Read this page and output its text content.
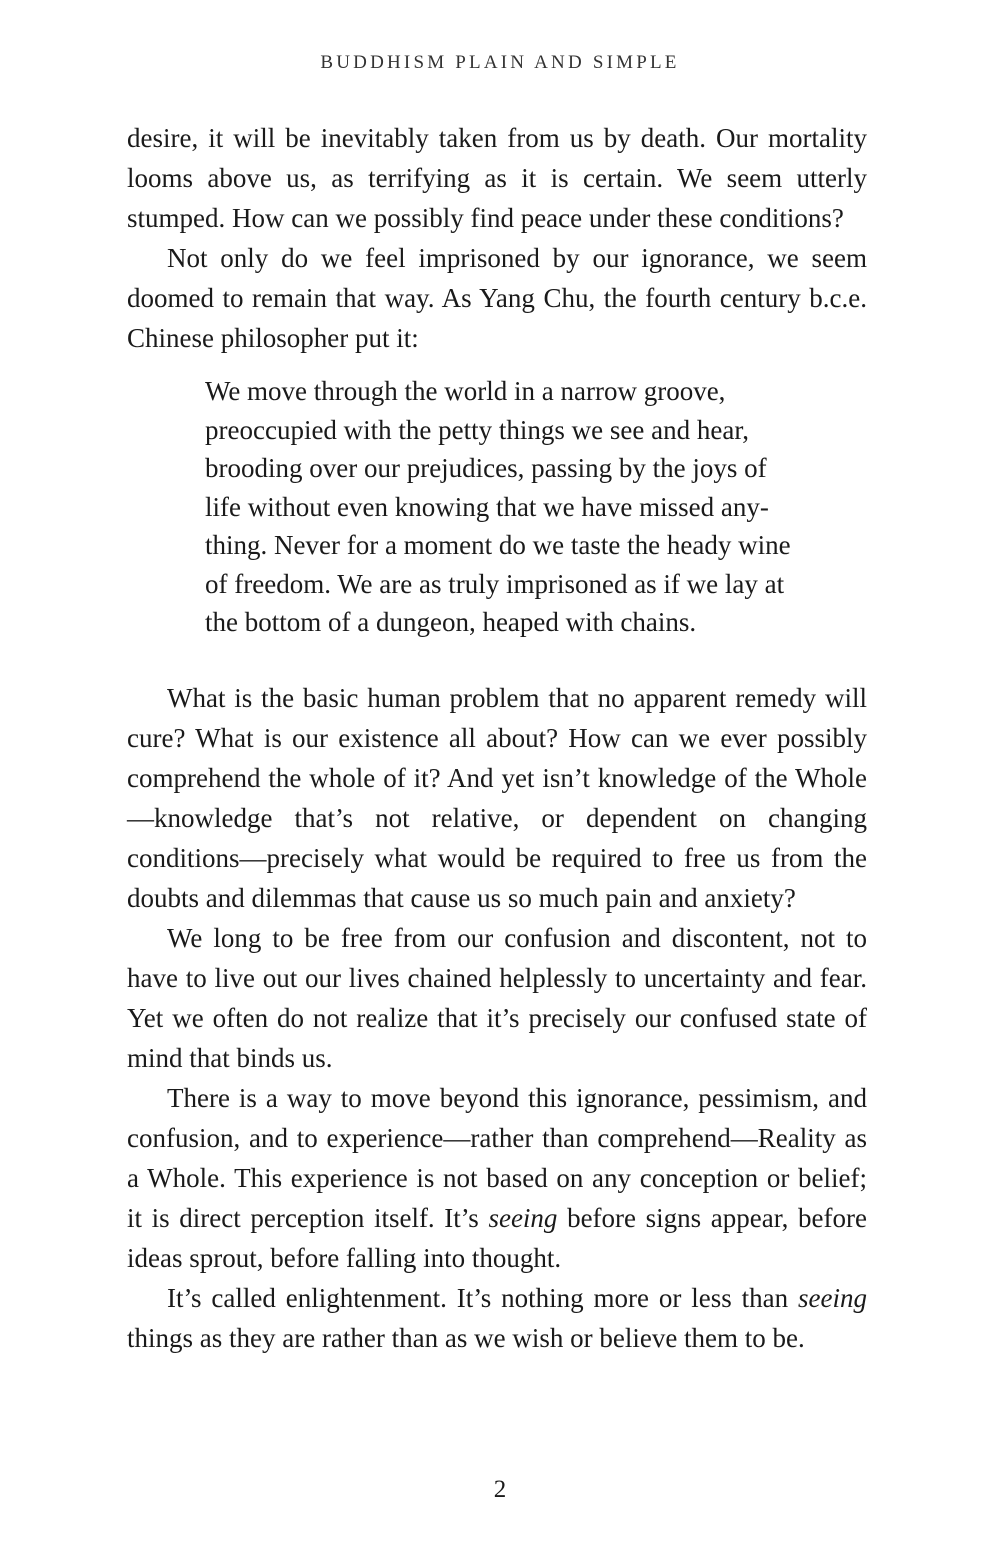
BUDDHISM PLAIN AND SIMPLE

desire, it will be inevitably taken from us by death. Our mortality looms above us, as terrifying as it is certain. We seem utterly stumped. How can we possibly find peace under these conditions?

Not only do we feel imprisoned by our ignorance, we seem doomed to remain that way. As Yang Chu, the fourth century b.c.e. Chinese philosopher put it:

We move through the world in a narrow groove, preoccupied with the petty things we see and hear, brooding over our prejudices, passing by the joys of life without even knowing that we have missed anything. Never for a moment do we taste the heady wine of freedom. We are as truly imprisoned as if we lay at the bottom of a dungeon, heaped with chains.

What is the basic human problem that no apparent remedy will cure? What is our existence all about? How can we ever possibly comprehend the whole of it? And yet isn’t knowledge of the Whole—knowledge that’s not relative, or dependent on changing conditions—precisely what would be required to free us from the doubts and dilemmas that cause us so much pain and anxiety?

We long to be free from our confusion and discontent, not to have to live out our lives chained helplessly to uncertainty and fear. Yet we often do not realize that it’s precisely our confused state of mind that binds us.

There is a way to move beyond this ignorance, pessimism, and confusion, and to experience—rather than comprehend—Reality as a Whole. This experience is not based on any conception or belief; it is direct perception itself. It’s seeing before signs appear, before ideas sprout, before falling into thought.

It’s called enlightenment. It’s nothing more or less than seeing things as they are rather than as we wish or believe them to be.

2
